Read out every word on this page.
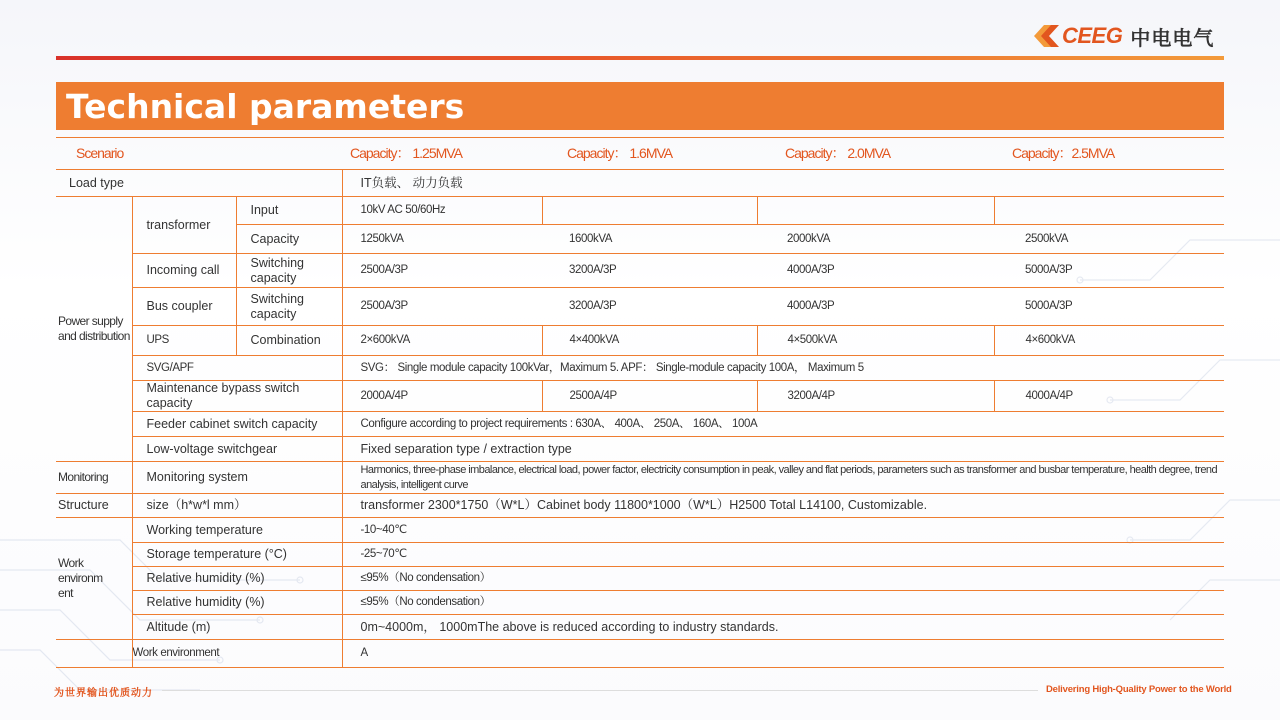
CEEG 中电电气
Technical parameters
Scenario			Capacity： 1.25MVA	Capacity： 1.6MVA	Capacity： 2.0MVA	Capacity：2.5MVA
Load type			IT负载、 动力负载			
Power supply and distribution	transformer	Input	10kV AC 50/60Hz			
		Capacity	1250kVA	1600kVA	2000kVA	2500kVA
	Incoming call	Switching capacity	2500A/3P	3200A/3P	4000A/3P	5000A/3P
	Bus coupler	Switching capacity	2500A/3P	3200A/3P	4000A/3P	5000A/3P
	UPS	Combination	2×600kVA	4×400kVA	4×500kVA	4×600kVA
	SVG/APF		SVG： Single module capacity 100kVar，Maximum 5. APF： Single-module capacity 100A， Maximum 5			
	Maintenance bypass switch capacity		2000A/4P	2500A/4P	3200A/4P	4000A/4P
	Feeder cabinet switch capacity		Configure according to project requirements : 630A、 400A、 250A、 160A、 100A			
	Low-voltage switchgear		Fixed separation type / extraction type			
Monitoring	Monitoring system		Harmonics, three-phase imbalance, electrical load, power factor, electricity consumption in peak, valley and flat periods, parameters such as transformer and busbar temperature, health degree, trend analysis, intelligent curve			
Structure	size（h*w*l mm）		transformer 2300*1750（W*L）Cabinet body 11800*1000（W*L）H2500 Total L14100, Customizable.			
Work environm ent	Working temperature		-10~40℃			
	Storage temperature (°C)		-25~70℃			
	Relative humidity (%)		≤95%（No condensation）			
	Relative humidity (%)		≤95%（No condensation）			
	Altitude (m)		0m~4000m， 1000mThe above is reduced according to industry standards.			
	Work environment		A			
为世界输出优质动力	Delivering High-Quality Power to the World
